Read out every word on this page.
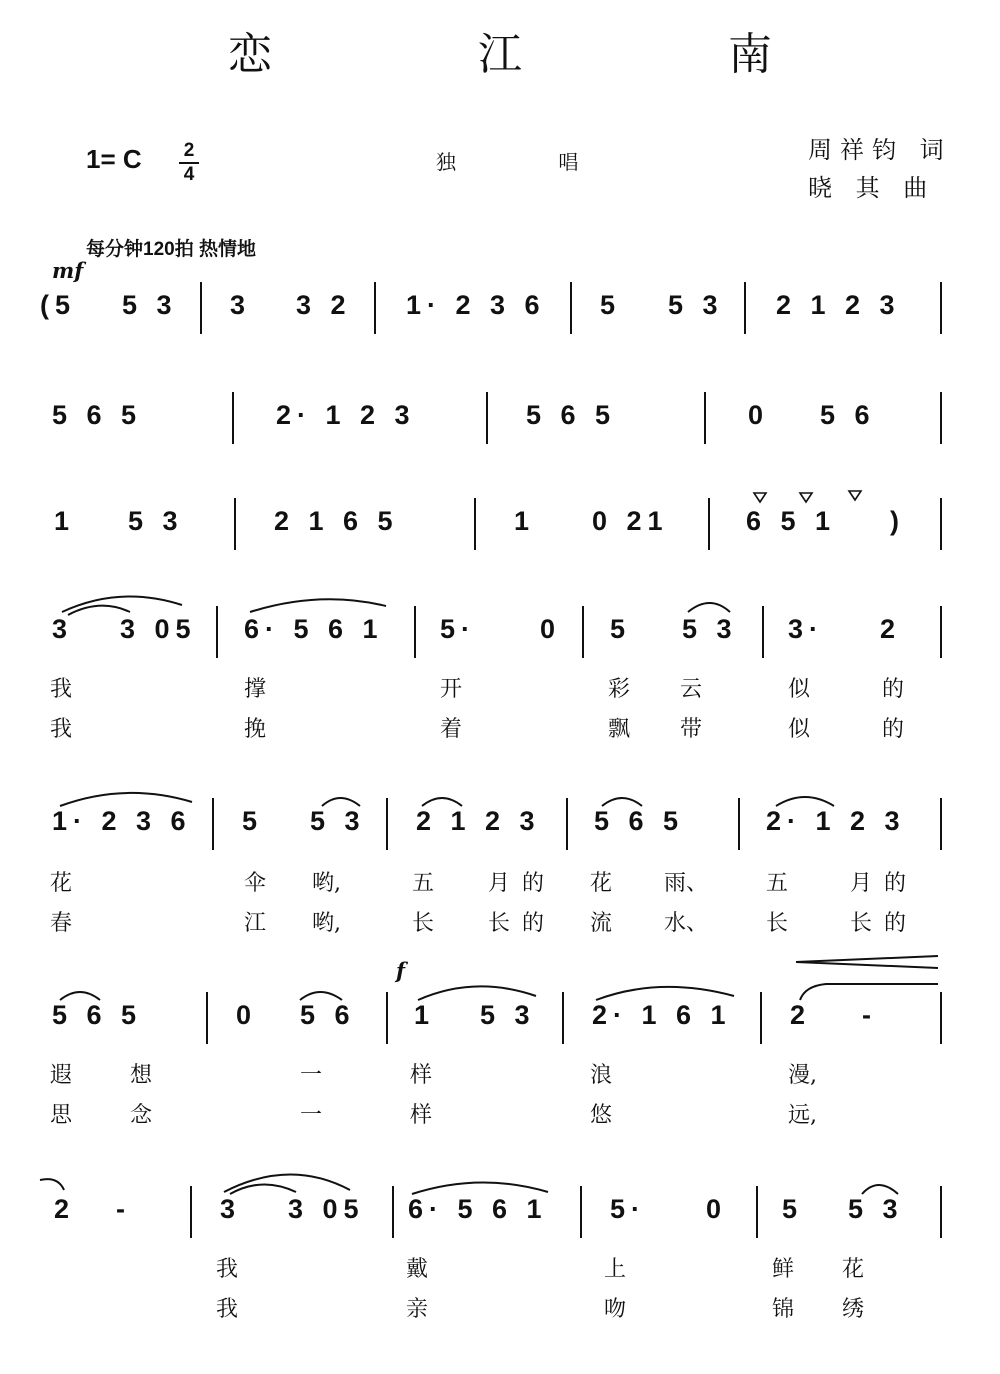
恋 江 南
1= C	2
4
独 唱	周祥钧 词
晓 其 曲
每分钟120拍 热情地
mf
f
(5 5 3 3 3 2 1· 2 3 6 5 5 3 2 1 2 3
5 6 5	2· 1 2 3	5 6 5	0 5 6
1 5 3	2 1 6 5	1 0 21	6 5 1 )
3 3 05 6· 5 6 1 5· 0 5 5 3 3· 2
1· 2 3 6 5 5 3 2 1 2 3 5 6 5	2· 1 2 3
5 6 5	0 5 6 1 5 3 2· 1 6 1 2 -
2 -	3 3 05 6· 5 6 1 5· 0 5 5 3
我	撑	开	彩 云	似	的
我	挽	着	飘 带	似	的
花	伞 哟,	五 月 的 花 雨、	五	月 的
春	江 哟,	长 长 的 流 水、	长	长 的
遐	想	一	样	浪	漫,
思	念	一	样	悠	远,
我	戴	上	鲜 花
我	亲	吻	锦 绣
